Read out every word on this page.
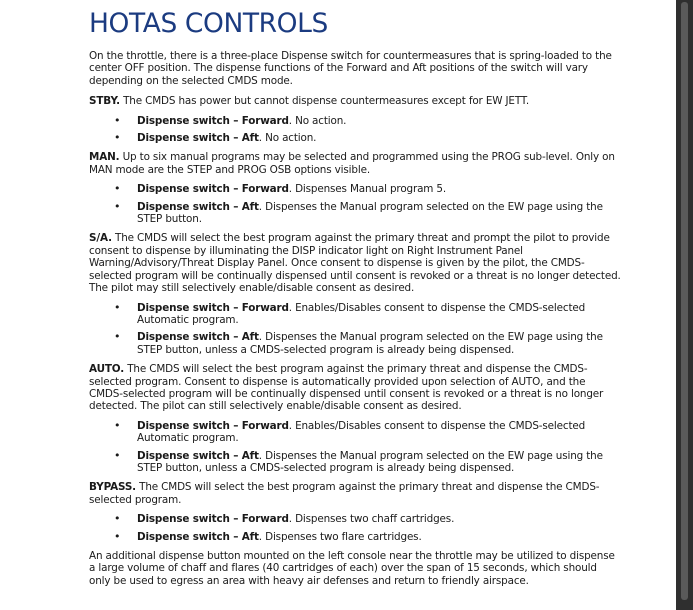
HOTAS CONTROLS

On the throttle, there is a three-place Dispense switch for countermeasures that is spring-loaded to the center OFF position. The dispense functions of the Forward and Aft positions of the switch will vary depending on the selected CMDS mode.

STBY. The CMDS has power but cannot dispense countermeasures except for EW JETT.

• Dispense switch – Forward. No action.
• Dispense switch – Aft. No action.

MAN. Up to six manual programs may be selected and programmed using the PROG sub-level. Only on MAN mode are the STEP and PROG OSB options visible.

• Dispense switch – Forward. Dispenses Manual program 5.
• Dispense switch – Aft. Dispenses the Manual program selected on the EW page using the STEP button.

S/A. The CMDS will select the best program against the primary threat and prompt the pilot to provide consent to dispense by illuminating the DISP indicator light on Right Instrument Panel Warning/Advisory/Threat Display Panel. Once consent to dispense is given by the pilot, the CMDS-selected program will be continually dispensed until consent is revoked or a threat is no longer detected. The pilot may still selectively enable/disable consent as desired.

• Dispense switch – Forward. Enables/Disables consent to dispense the CMDS-selected Automatic program.
• Dispense switch – Aft. Dispenses the Manual program selected on the EW page using the STEP button, unless a CMDS-selected program is already being dispensed.

AUTO. The CMDS will select the best program against the primary threat and dispense the CMDS-selected program. Consent to dispense is automatically provided upon selection of AUTO, and the CMDS-selected program will be continually dispensed until consent is revoked or a threat is no longer detected. The pilot can still selectively enable/disable consent as desired.

• Dispense switch – Forward. Enables/Disables consent to dispense the CMDS-selected Automatic program.
• Dispense switch – Aft. Dispenses the Manual program selected on the EW page using the STEP button, unless a CMDS-selected program is already being dispensed.

BYPASS. The CMDS will select the best program against the primary threat and dispense the CMDS-selected program.

• Dispense switch – Forward. Dispenses two chaff cartridges.
• Dispense switch – Aft. Dispenses two flare cartridges.

An additional dispense button mounted on the left console near the throttle may be utilized to dispense a large volume of chaff and flares (40 cartridges of each) over the span of 15 seconds, which should only be used to egress an area with heavy air defenses and return to friendly airspace.
